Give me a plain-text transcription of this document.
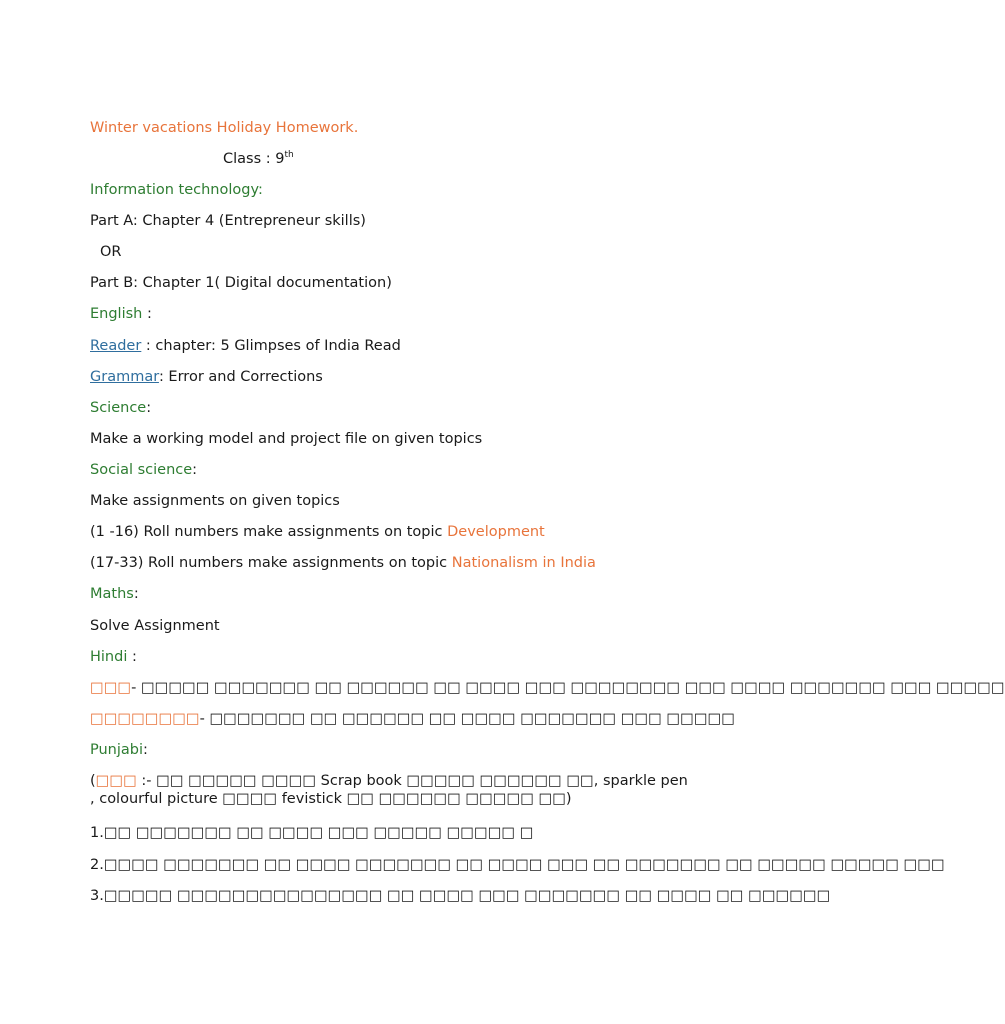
Winter vacations Holiday Homework.
Class : 9th
Information technology:
Part A: Chapter 4 (Entrepreneur skills)
OR
Part B: Chapter 1( Digital documentation)
English :
Reader : chapter: 5 Glimpses of India Read
Grammar: Error and Corrections
Science:
Make a working model and project file on given topics
Social science:
Make assignments on given topics
(1 -16) Roll numbers make assignments on topic Development
(17-33) Roll numbers make assignments on topic Nationalism in India
Maths:
Solve Assignment
Hindi :
□□□- □□□□□ □□□□□□□ □□ □□□□□□ □□ □□□□ □□□ □□□□□□□□ □□□ □□□□ □□□□□□□ □□□ □□□□□
□□□□□□□□- □□□□□□□ □□ □□□□□□ □□ □□□□ □□□□□□□ □□□ □□□□□
Punjabi:
(□□□ :- □□ □□□□□ □□□□ Scrap book □□□□□ □□□□□□ □□, sparkle pen , colourful picture □□□□ fevistick □□ □□□□□□ □□□□□ □□)
1.□□ □□□□□□□ □□ □□□□ □□□ □□□□□ □□□□□ □
2.□□□□ □□□□□□□ □□ □□□□ □□□□□□□ □□ □□□□ □□□ □□ □□□□□□□ □□ □□□□□ □□□□□ □□□
3.□□□□□ □□□□□□□□□□□□□□□ □□ □□□□ □□□ □□□□□□□ □□ □□□□ □□ □□□□□□
